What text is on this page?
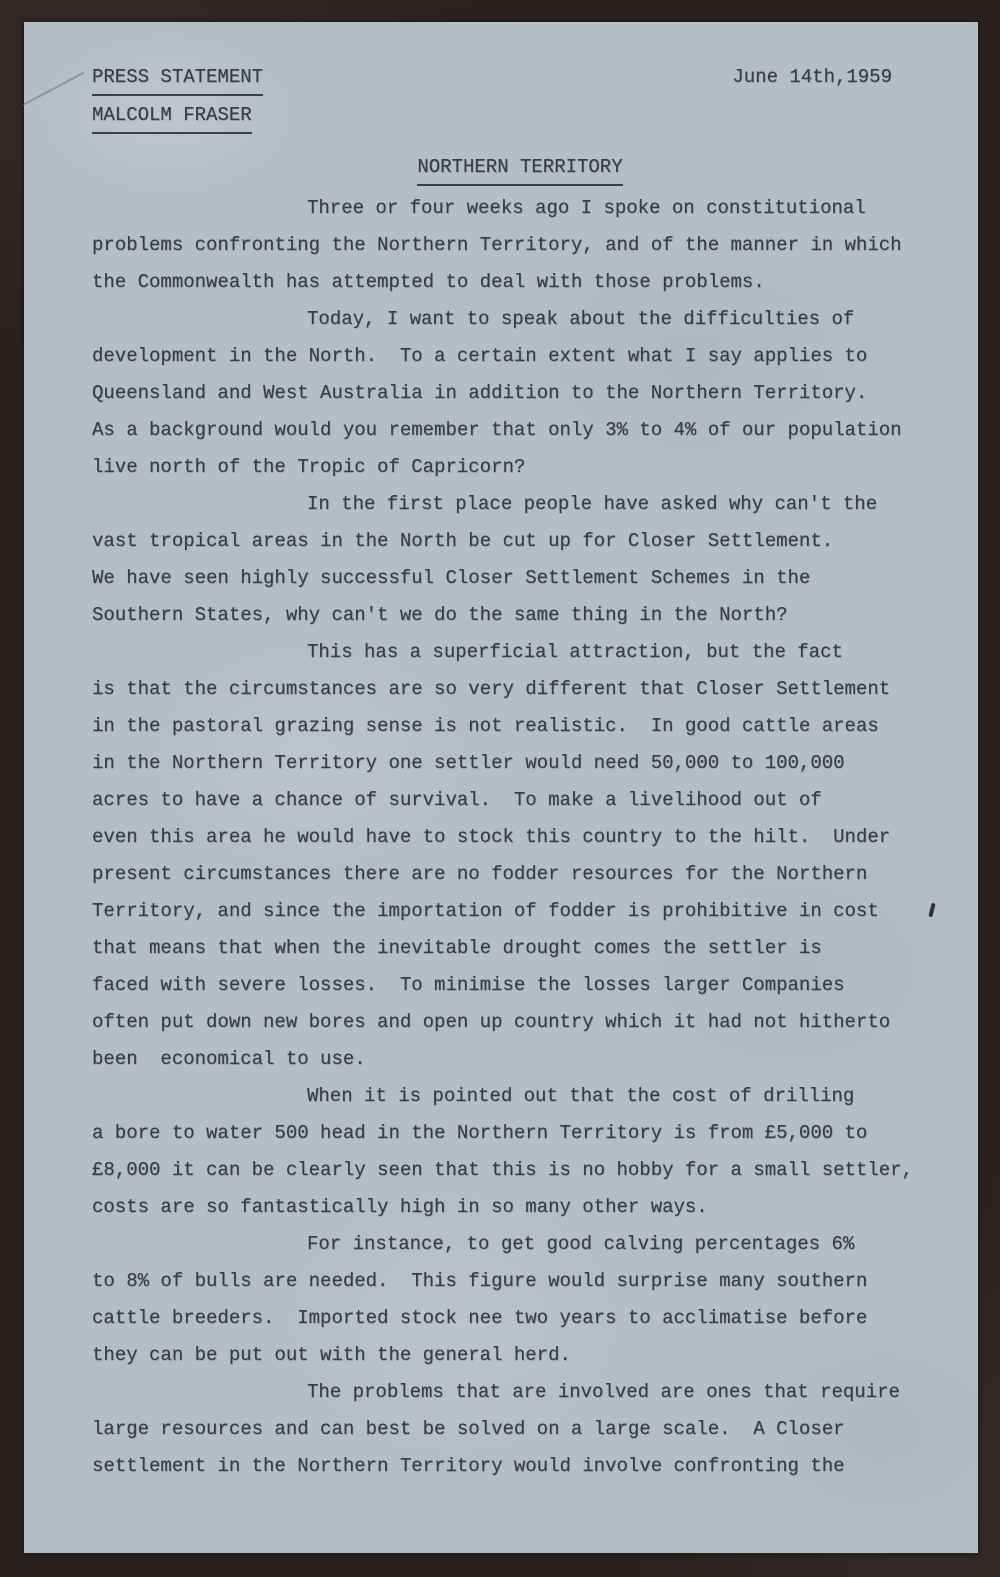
PRESS STATEMENT
MALCOLM FRASER
June 14th,1959
NORTHERN TERRITORY
Three or four weeks ago I spoke on constitutional
problems confronting the Northern Territory, and of the manner in which
the Commonwealth has attempted to deal with those problems.
Today, I want to speak about the difficulties of
development in the North.  To a certain extent what I say applies to
Queensland and West Australia in addition to the Northern Territory.
As a background would you remember that only 3% to 4% of our population
live north of the Tropic of Capricorn?
In the first place people have asked why can't the
vast tropical areas in the North be cut up for Closer Settlement.
We have seen highly successful Closer Settlement Schemes in the
Southern States, why can't we do the same thing in the North?
This has a superficial attraction, but the fact
is that the circumstances are so very different that Closer Settlement
in the pastoral grazing sense is not realistic.  In good cattle areas
in the Northern Territory one settler would need 50,000 to 100,000
acres to have a chance of survival.  To make a livelihood out of
even this area he would have to stock this country to the hilt.  Under
present circumstances there are no fodder resources for the Northern
Territory, and since the importation of fodder is prohibitive in cost
that means that when the inevitable drought comes the settler is
faced with severe losses.  To minimise the losses larger Companies
often put down new bores and open up country which it had not hitherto
been  economical to use.
When it is pointed out that the cost of drilling
a bore to water 500 head in the Northern Territory is from £5,000 to
£8,000 it can be clearly seen that this is no hobby for a small settler,
costs are so fantastically high in so many other ways.
For instance, to get good calving percentages 6%
to 8% of bulls are needed.  This figure would surprise many southern
cattle breeders.  Imported stock nee two years to acclimatise before
they can be put out with the general herd.
The problems that are involved are ones that require
large resources and can best be solved on a large scale.  A Closer
settlement in the Northern Territory would involve confronting the
